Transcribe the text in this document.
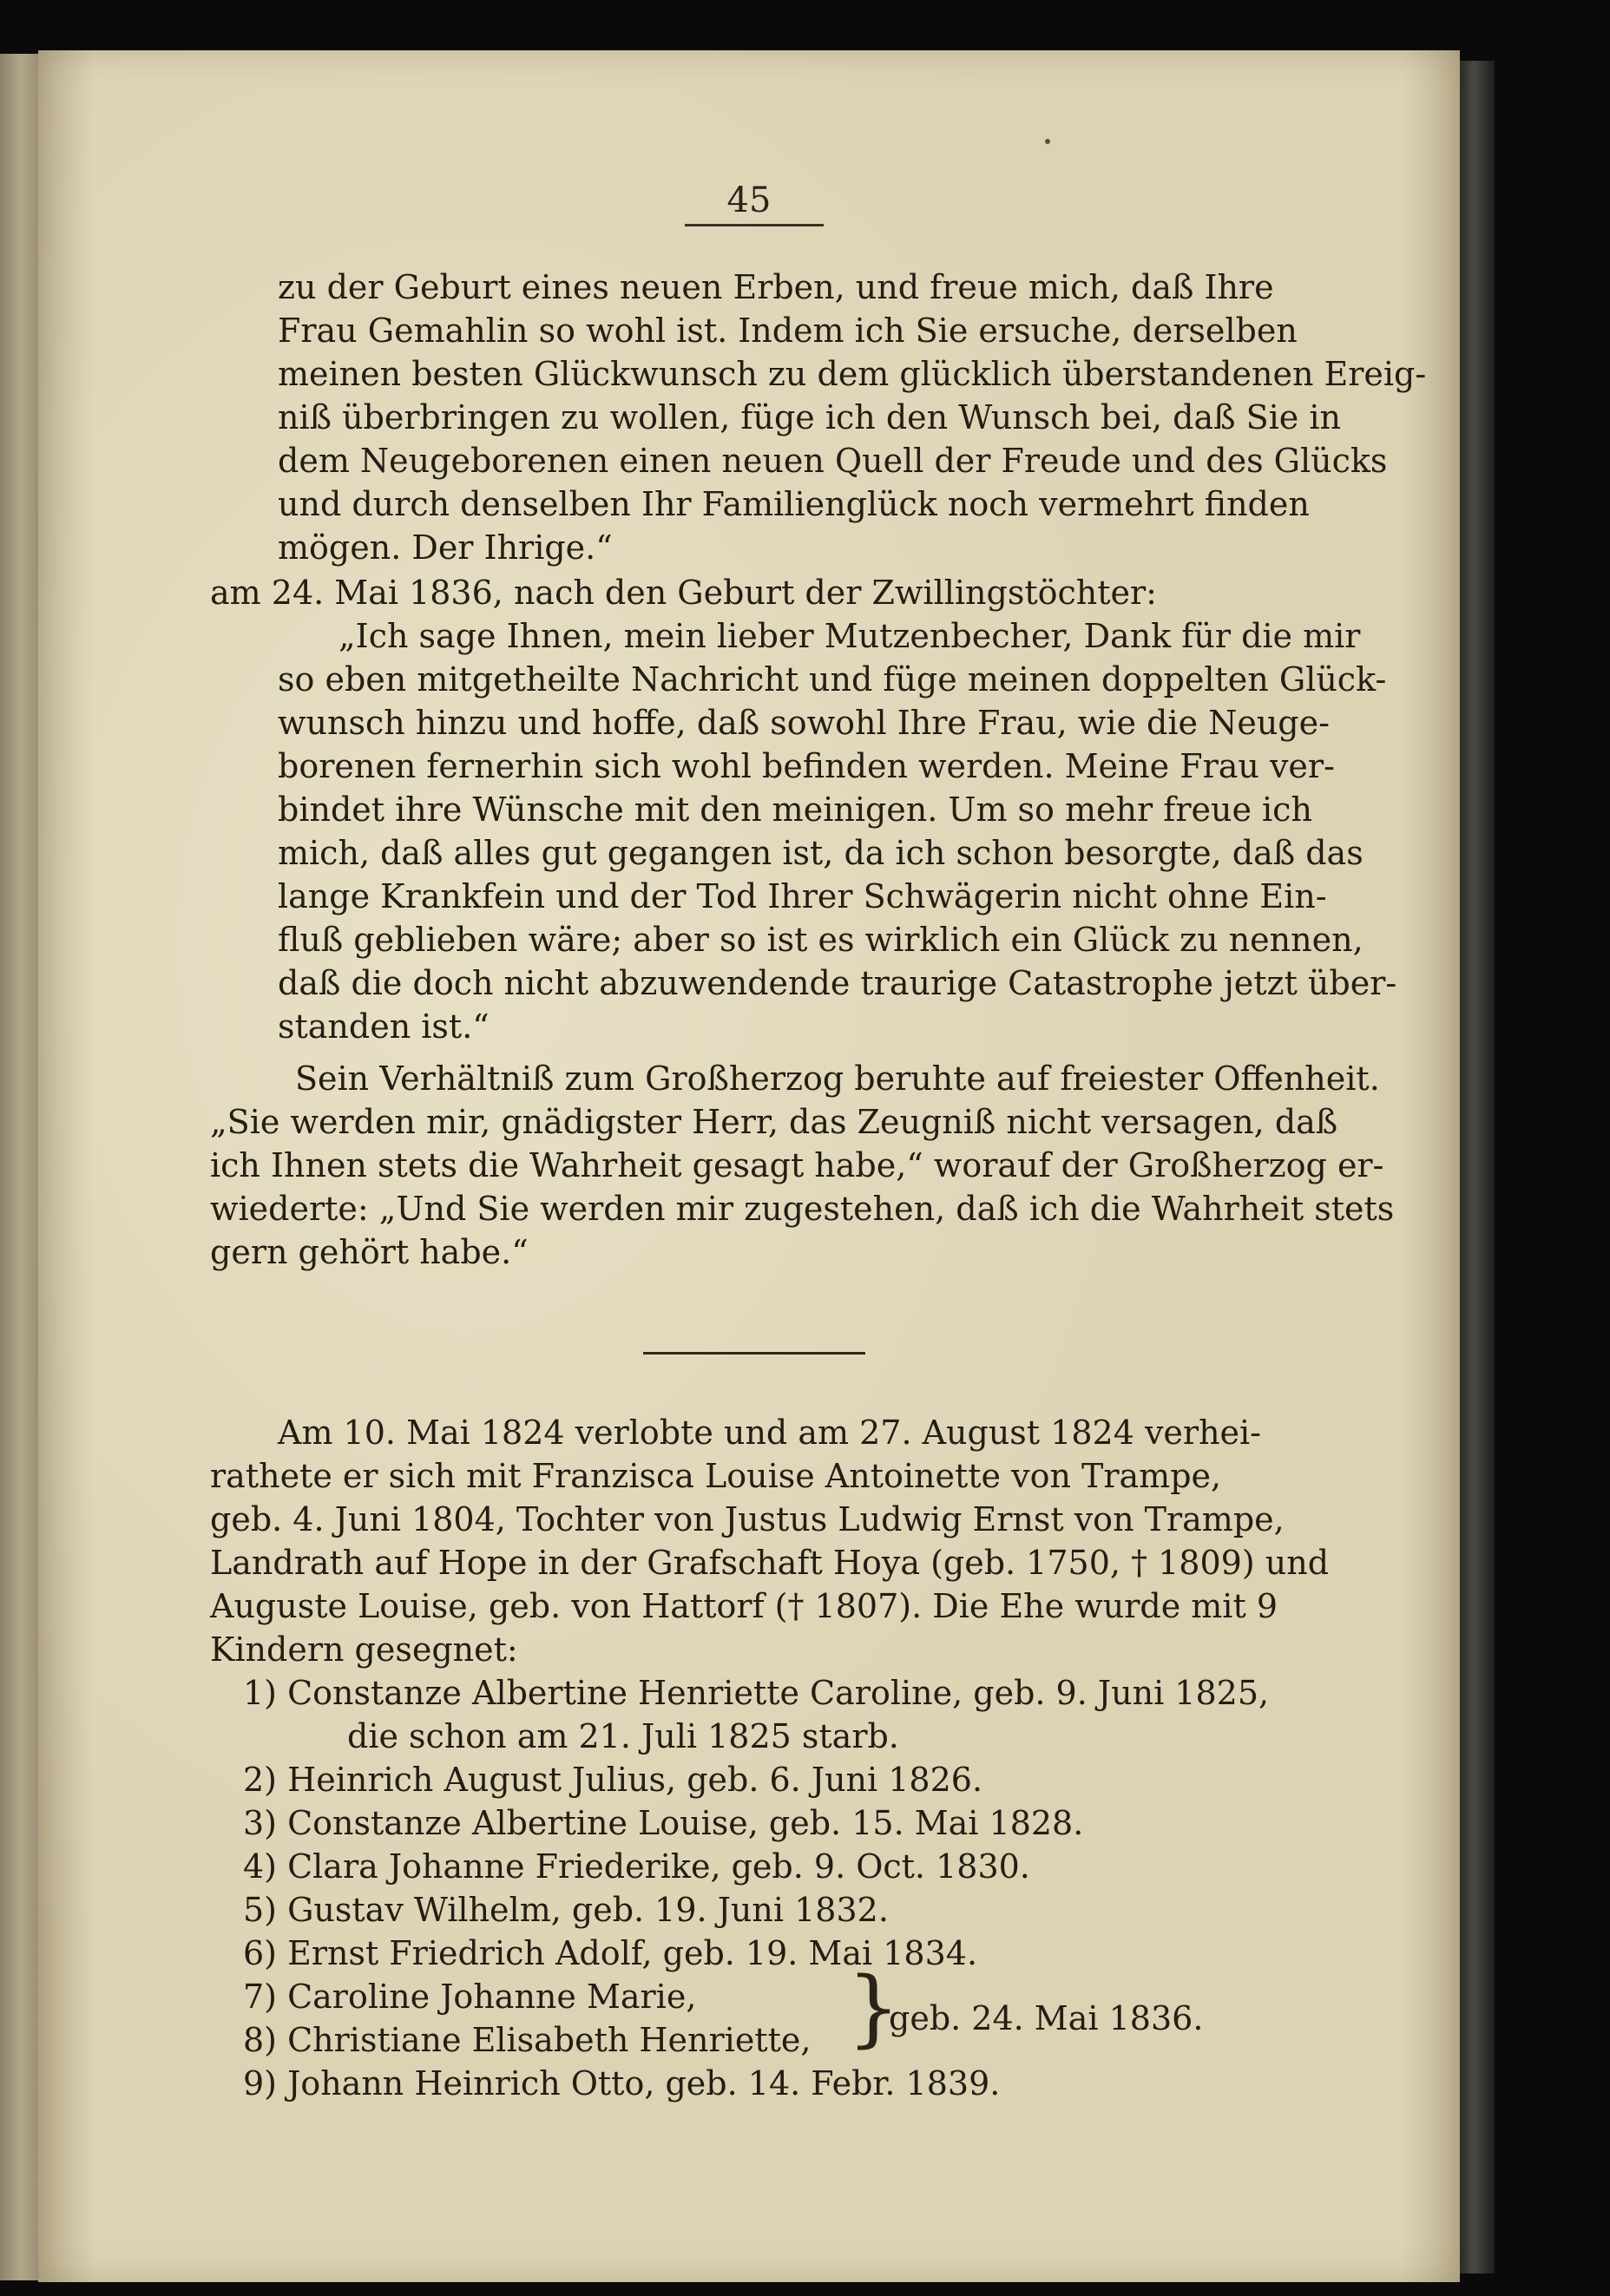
45
zu der Geburt eines neuen Erben, und freue mich, daß Ihre
Frau Gemahlin so wohl ist. Indem ich Sie ersuche, derselben
meinen besten Glückwunsch zu dem glücklich überstandenen Ereig-
niß überbringen zu wollen, füge ich den Wunsch bei, daß Sie in
dem Neugeborenen einen neuen Quell der Freude und des Glücks
und durch denselben Ihr Familienglück noch vermehrt finden
mögen. Der Ihrige.“
am 24. Mai 1836, nach den Geburt der Zwillingstöchter:
„Ich sage Ihnen, mein lieber Mutzenbecher, Dank für die mir
so eben mitgetheilte Nachricht und füge meinen doppelten Glück-
wunsch hinzu und hoffe, daß sowohl Ihre Frau, wie die Neuge-
borenen fernerhin sich wohl befinden werden. Meine Frau ver-
bindet ihre Wünsche mit den meinigen. Um so mehr freue ich
mich, daß alles gut gegangen ist, da ich schon besorgte, daß das
lange Krankfein und der Tod Ihrer Schwägerin nicht ohne Ein-
fluß geblieben wäre; aber so ist es wirklich ein Glück zu nennen,
daß die doch nicht abzuwendende traurige Catastrophe jetzt über-
standen ist.“
Sein Verhältniß zum Großherzog beruhte auf freiester Offenheit.
„Sie werden mir, gnädigster Herr, das Zeugniß nicht versagen, daß
ich Ihnen stets die Wahrheit gesagt habe,“ worauf der Großherzog er-
wiederte: „Und Sie werden mir zugestehen, daß ich die Wahrheit stets
gern gehört habe.“
Am 10. Mai 1824 verlobte und am 27. August 1824 verhei-
rathete er sich mit Franzisca Louise Antoinette von Trampe,
geb. 4. Juni 1804, Tochter von Justus Ludwig Ernst von Trampe,
Landrath auf Hope in der Grafschaft Hoya (geb. 1750, † 1809) und
Auguste Louise, geb. von Hattorf († 1807). Die Ehe wurde mit 9
Kindern gesegnet:
1) Constanze Albertine Henriette Caroline, geb. 9. Juni 1825,
die schon am 21. Juli 1825 starb.
2) Heinrich August Julius, geb. 6. Juni 1826.
3) Constanze Albertine Louise, geb. 15. Mai 1828.
4) Clara Johanne Friederike, geb. 9. Oct. 1830.
5) Gustav Wilhelm, geb. 19. Juni 1832.
6) Ernst Friedrich Adolf, geb. 19. Mai 1834.
7) Caroline Johanne Marie,
8) Christiane Elisabeth Henriette,
geb. 24. Mai 1836.
9) Johann Heinrich Otto, geb. 14. Febr. 1839.
}
